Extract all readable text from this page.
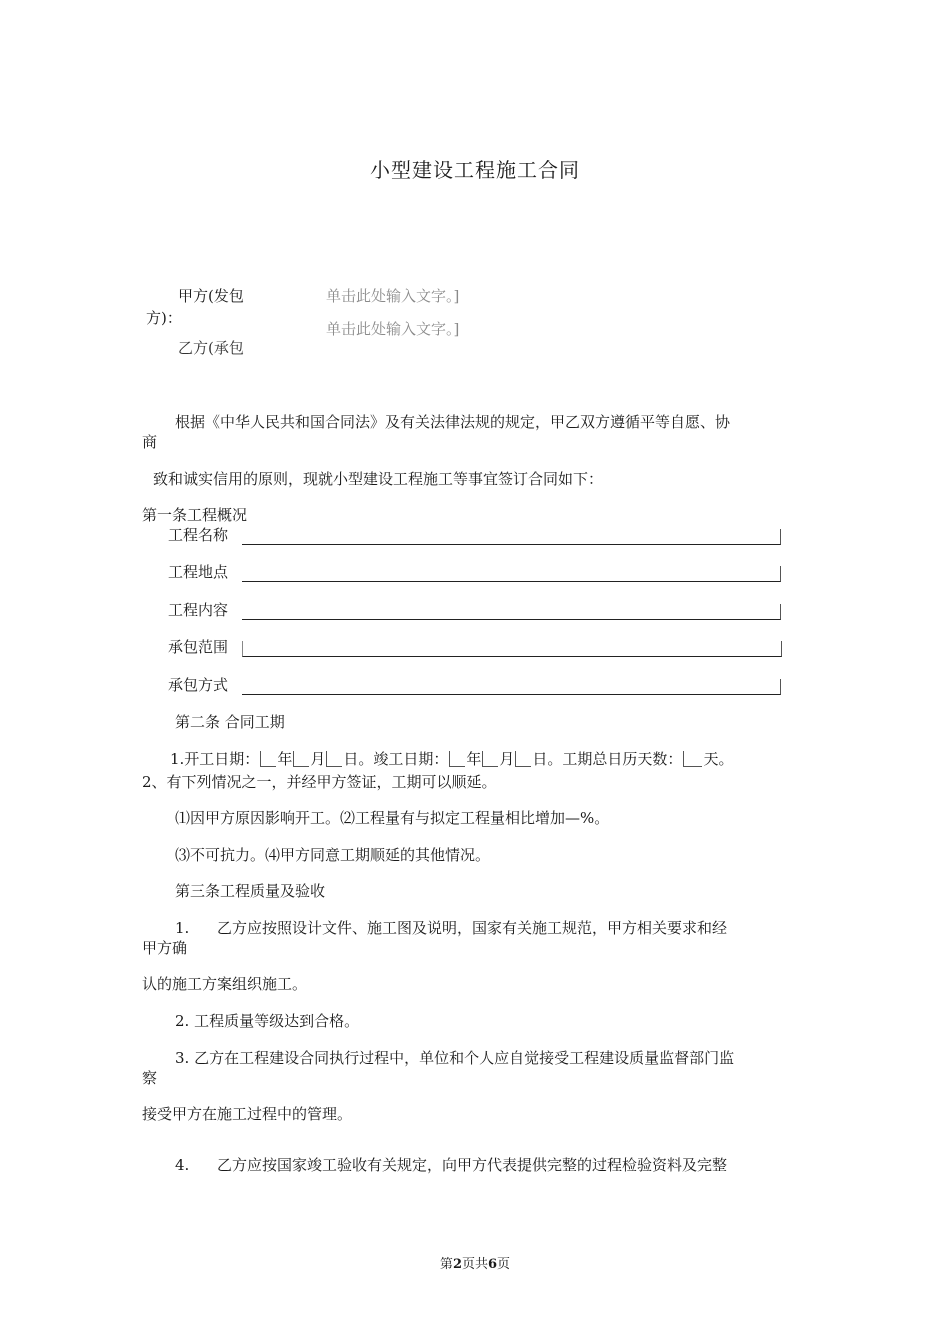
小型建设工程施工合同
甲方(发包
方)：
单击此处输入文字。]
单击此处输入文字。]
乙方(承包
根据《中华人民共和国合同法》及有关法律法规的规定，甲乙双方遵循平等自愿、协
商
致和诚实信用的原则，现就小型建设工程施工等事宜签订合同如下：
第一条工程概况
工程名称
工程地点
工程内容
承包范围
承包方式
第二条 合同工期
1.开工日期： 年 月 日。竣工日期： 年 月 日。工期总日历天数： 天。
2、有下列情况之一，并经甲方签证，工期可以顺延。
⑴因甲方原因影响开工。⑵工程量有与拟定工程量相比增加—%。
⑶不可抗力。⑷甲方同意工期顺延的其他情况。
第三条工程质量及验收
1. 乙方应按照设计文件、施工图及说明，国家有关施工规范，甲方相关要求和经
甲方确
认的施工方案组织施工。
2. 工程质量等级达到合格。
3. 乙方在工程建设合同执行过程中，单位和个人应自觉接受工程建设质量监督部门监
察
接受甲方在施工过程中的管理。
4. 乙方应按国家竣工验收有关规定，向甲方代表提供完整的过程检验资料及完整
第2页共6页
